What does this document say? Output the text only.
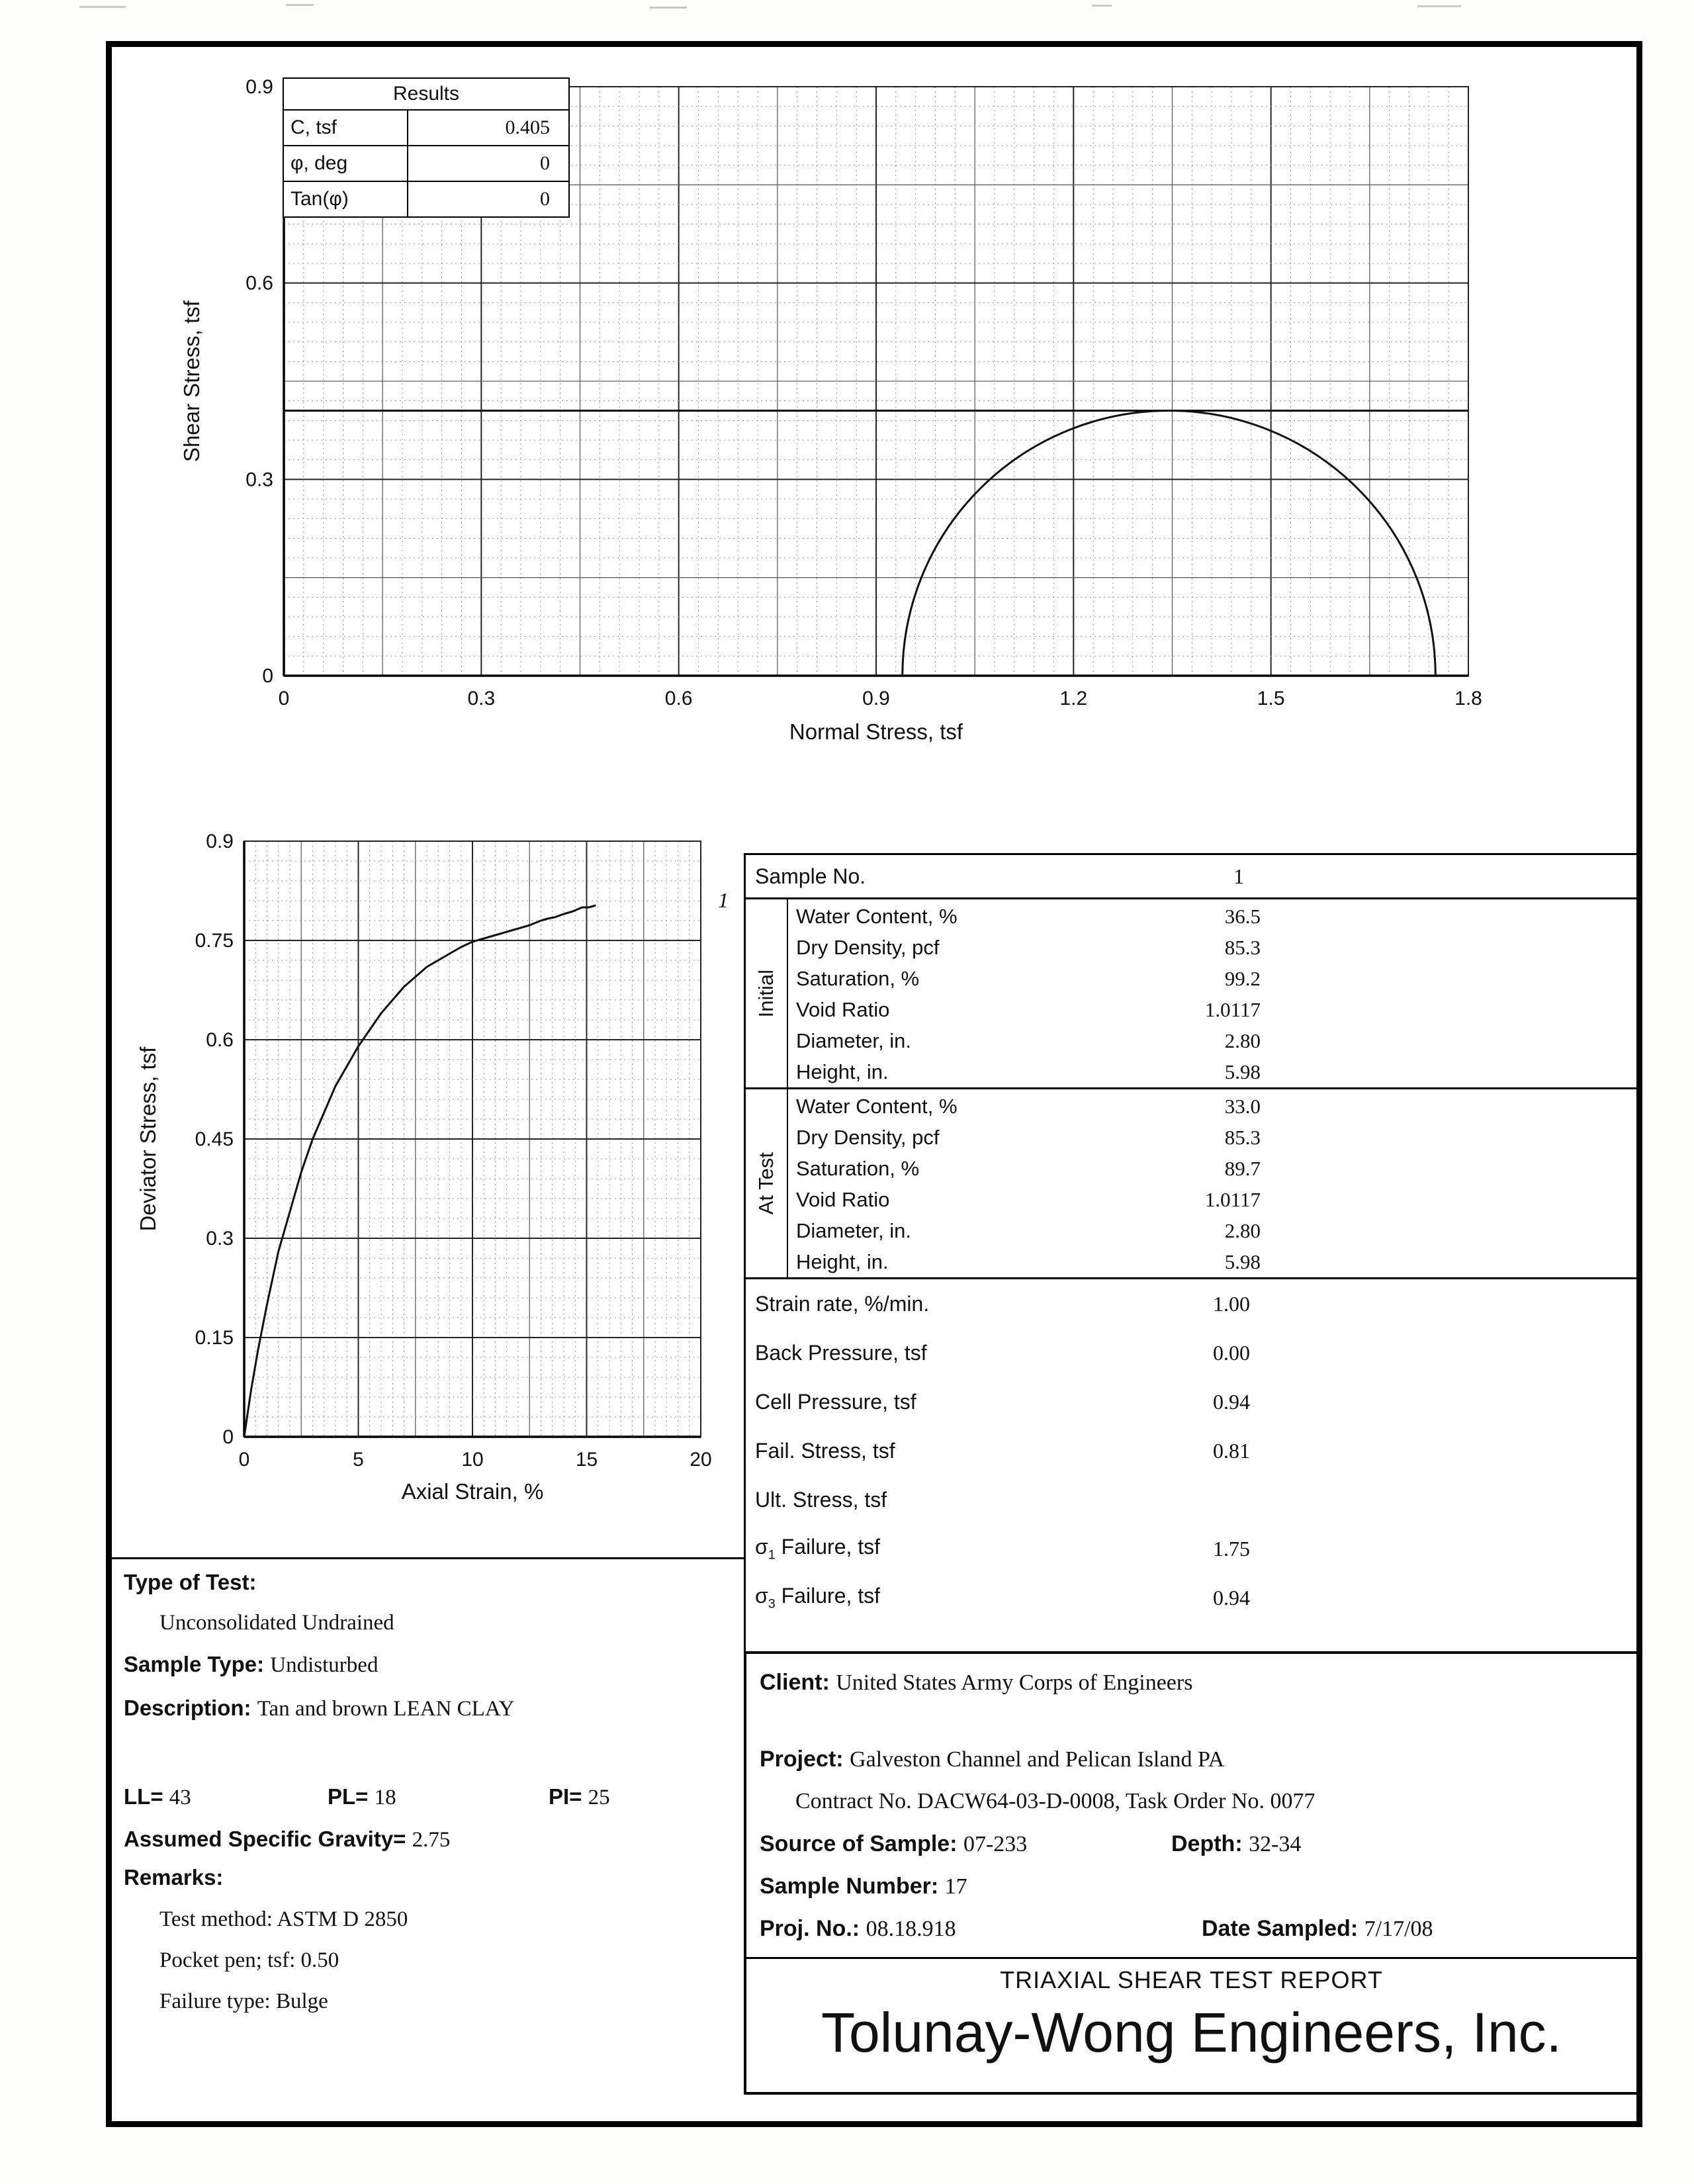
0	0.3	0.6	0.9	1.2	1.5	1.8
0
0.3
0.6
0.9
Normal Stress, tsf
Shear Stress, tsf
Results	
C, tsf	0.405
φ, deg	0
Tan(φ)	0
0	5	10	15	20
0
0.15
0.3
0.45
0.6
0.75
0.9
Axial Strain, %
Deviator Stress, tsf
1
Sample No.	1
Initial
Water Content, %	36.5
Dry Density, pcf	85.3
Saturation, %	99.2
Void Ratio	1.0117
Diameter, in.	2.80
Height, in.	5.98
At Test
Water Content, %	33.0
Dry Density, pcf	85.3
Saturation, %	89.7
Void Ratio	1.0117
Diameter, in.	2.80
Height, in.	5.98
Strain rate, %/min.	1.00
Back Pressure, tsf	0.00
Cell Pressure, tsf	0.94
Fail. Stress, tsf	0.81
Ult. Stress, tsf
$\sigma_1$ Failure, tsf	1.75
$\sigma_3$ Failure, tsf	0.94
Type of Test:
Unconsolidated Undrained
Sample Type: Undisturbed
Description: Tan and brown LEAN CLAY
LL= 43	PL= 18	PI= 25
Assumed Specific Gravity= 2.75
Remarks:
Test method: ASTM D 2850
Pocket pen; tsf: 0.50
Failure type: Bulge
Client: United States Army Corps of Engineers
Project: Galveston Channel and Pelican Island PA
Contract No. DACW64-03-D-0008, Task Order No. 0077
Source of Sample: 07-233	Depth: 32-34
Sample Number: 17
Proj. No.: 08.18.918	Date Sampled: 7/17/08
TRIAXIAL SHEAR TEST REPORT
Tolunay-Wong Engineers, Inc.
